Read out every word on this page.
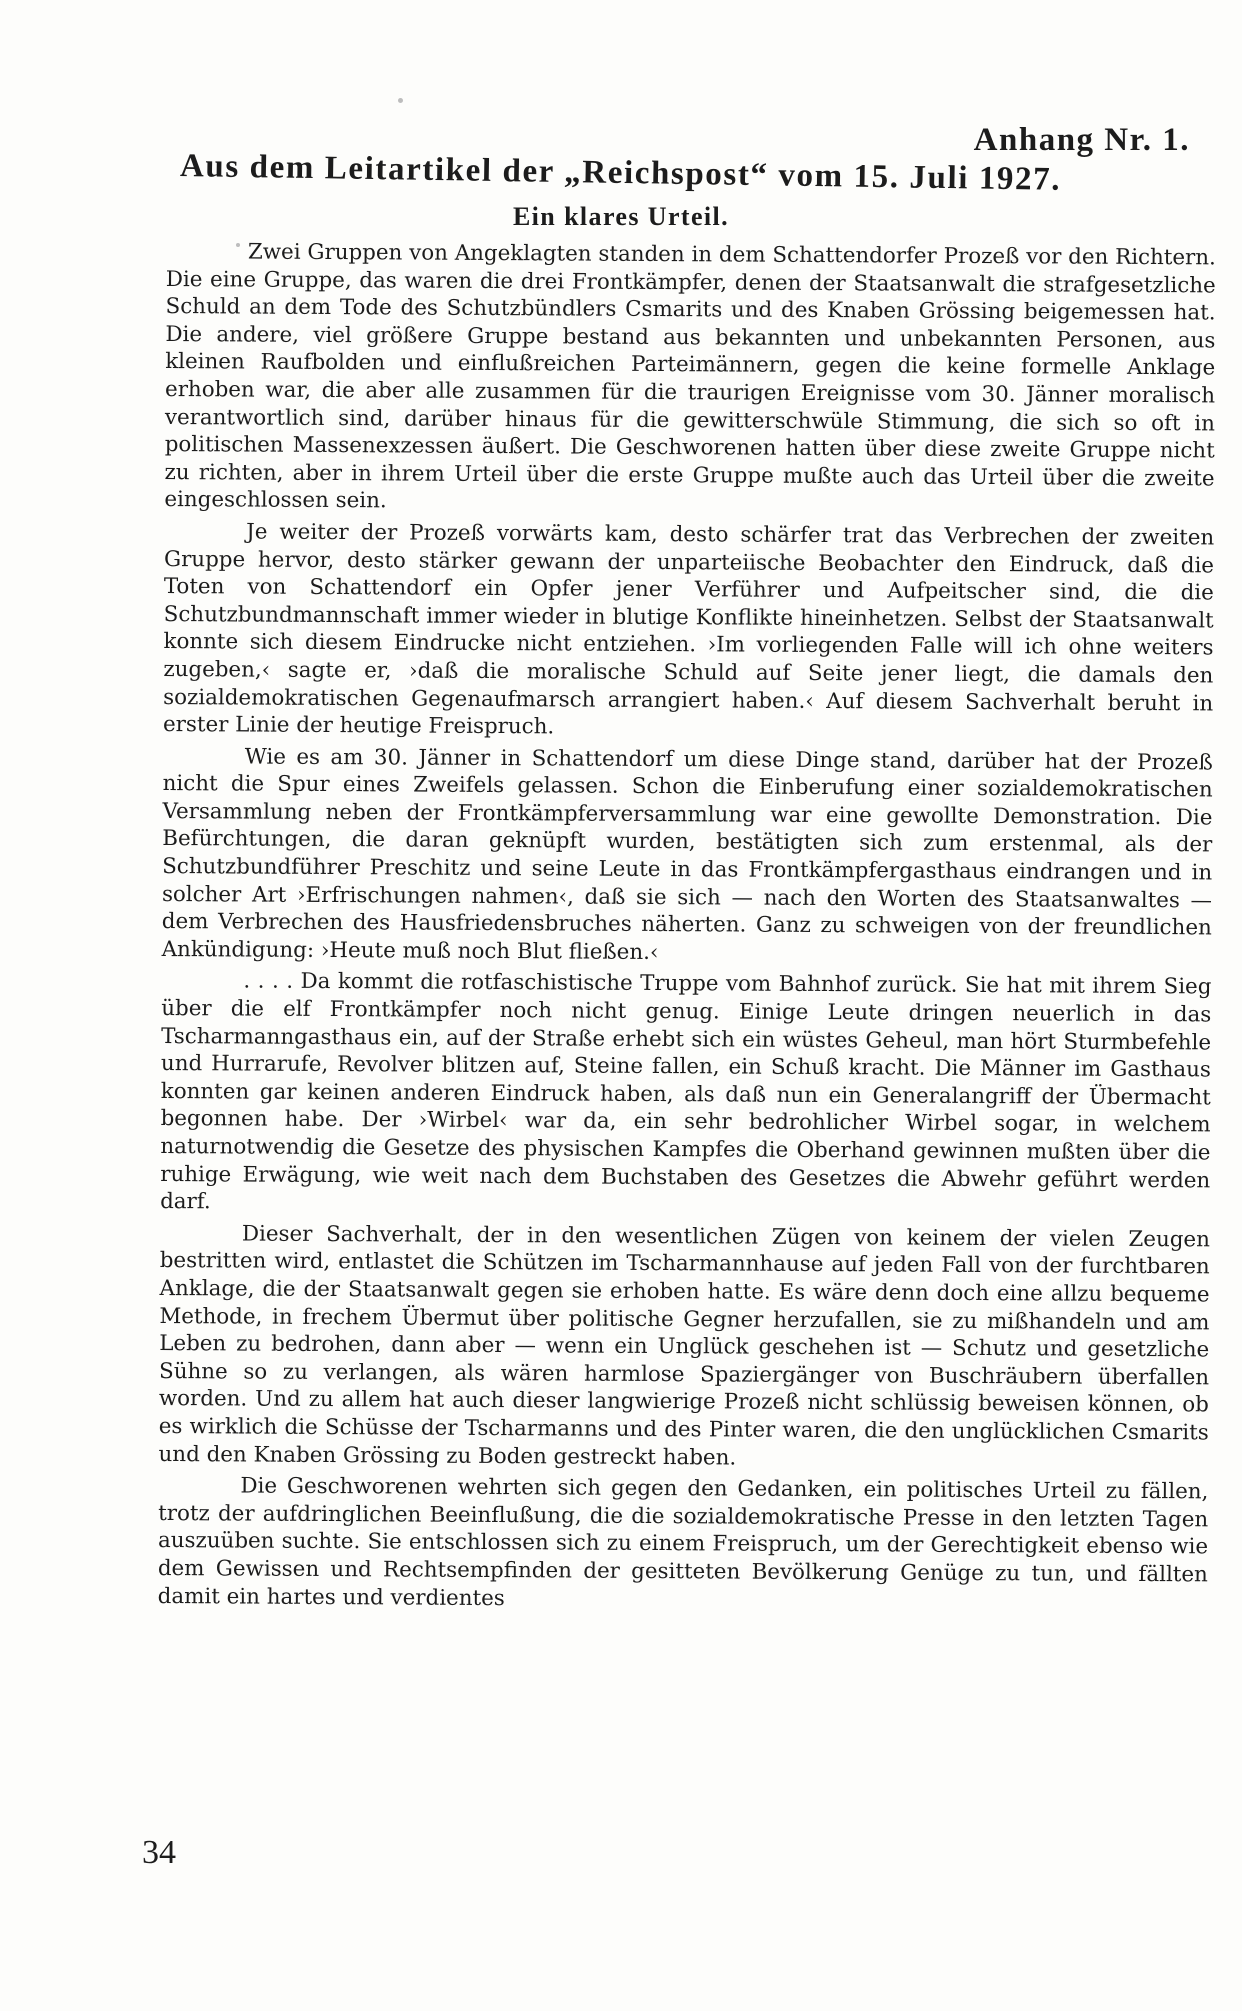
Anhang Nr. 1.
Aus dem Leitartikel der „Reichspost“ vom 15. Juli 1927.
Ein klares Urteil.

Zwei Gruppen von Angeklagten standen in dem Schattendorfer Prozeß vor den Richtern. Die eine Gruppe, das waren die drei Frontkämpfer, denen der Staatsanwalt die strafgesetzliche Schuld an dem Tode des Schutzbündlers Csmarits und des Knaben Grössing beigemessen hat. Die andere, viel größere Gruppe bestand aus bekannten und unbekannten Personen, aus kleinen Raufbolden und einflußreichen Parteimännern, gegen die keine formelle Anklage erhoben war, die aber alle zusammen für die traurigen Ereignisse vom 30. Jänner moralisch verantwortlich sind, darüber hinaus für die gewitterschwüle Stimmung, die sich so oft in politischen Massenexzessen äußert. Die Geschworenen hatten über diese zweite Gruppe nicht zu richten, aber in ihrem Urteil über die erste Gruppe mußte auch das Urteil über die zweite eingeschlossen sein.

Je weiter der Prozeß vorwärts kam, desto schärfer trat das Verbrechen der zweiten Gruppe hervor, desto stärker gewann der unparteiische Beobachter den Eindruck, daß die Toten von Schattendorf ein Opfer jener Verführer und Aufpeitscher sind, die die Schutzbundmannschaft immer wieder in blutige Konflikte hineinhetzen. Selbst der Staatsanwalt konnte sich diesem Eindrucke nicht entziehen. ›Im vorliegenden Falle will ich ohne weiters zugeben,‹ sagte er, ›daß die moralische Schuld auf Seite jener liegt, die damals den sozialdemokratischen Gegenaufmarsch arrangiert haben.‹ Auf diesem Sachverhalt beruht in erster Linie der heutige Freispruch.

Wie es am 30. Jänner in Schattendorf um diese Dinge stand, darüber hat der Prozeß nicht die Spur eines Zweifels gelassen. Schon die Einberufung einer sozialdemokratischen Versammlung neben der Frontkämpferversammlung war eine gewollte Demonstration. Die Befürchtungen, die daran geknüpft wurden, bestätigten sich zum erstenmal, als der Schutzbundführer Preschitz und seine Leute in das Frontkämpfergasthaus eindrangen und in solcher Art ›Erfrischungen nahmen‹, daß sie sich — nach den Worten des Staatsanwaltes — dem Verbrechen des Hausfriedensbruches näherten. Ganz zu schweigen von der freundlichen Ankündigung: ›Heute muß noch Blut fließen.‹

. . . . Da kommt die rotfaschistische Truppe vom Bahnhof zurück. Sie hat mit ihrem Sieg über die elf Frontkämpfer noch nicht genug. Einige Leute dringen neuerlich in das Tscharmanngasthaus ein, auf der Straße erhebt sich ein wüstes Geheul, man hört Sturmbefehle und Hurrarufe, Revolver blitzen auf, Steine fallen, ein Schuß kracht. Die Männer im Gasthaus konnten gar keinen anderen Eindruck haben, als daß nun ein Generalangriff der Übermacht begonnen habe. Der ›Wirbel‹ war da, ein sehr bedrohlicher Wirbel sogar, in welchem naturnotwendig die Gesetze des physischen Kampfes die Oberhand gewinnen mußten über die ruhige Erwägung, wie weit nach dem Buchstaben des Gesetzes die Abwehr geführt werden darf.

Dieser Sachverhalt, der in den wesentlichen Zügen von keinem der vielen Zeugen bestritten wird, entlastet die Schützen im Tscharmannhause auf jeden Fall von der furchtbaren Anklage, die der Staatsanwalt gegen sie erhoben hatte. Es wäre denn doch eine allzu bequeme Methode, in frechem Übermut über politische Gegner herzufallen, sie zu mißhandeln und am Leben zu bedrohen, dann aber — wenn ein Unglück geschehen ist — Schutz und gesetzliche Sühne so zu verlangen, als wären harmlose Spaziergänger von Buschräubern überfallen worden. Und zu allem hat auch dieser langwierige Prozeß nicht schlüssig beweisen können, ob es wirklich die Schüsse der Tscharmanns und des Pinter waren, die den unglücklichen Csmarits und den Knaben Grössing zu Boden gestreckt haben.

Die Geschworenen wehrten sich gegen den Gedanken, ein politisches Urteil zu fällen, trotz der aufdringlichen Beeinflußung, die die sozialdemokratische Presse in den letzten Tagen auszuüben suchte. Sie entschlossen sich zu einem Freispruch, um der Gerechtigkeit ebenso wie dem Gewissen und Rechtsempfinden der gesitteten Bevölkerung Genüge zu tun, und fällten damit ein hartes und verdientes

34
